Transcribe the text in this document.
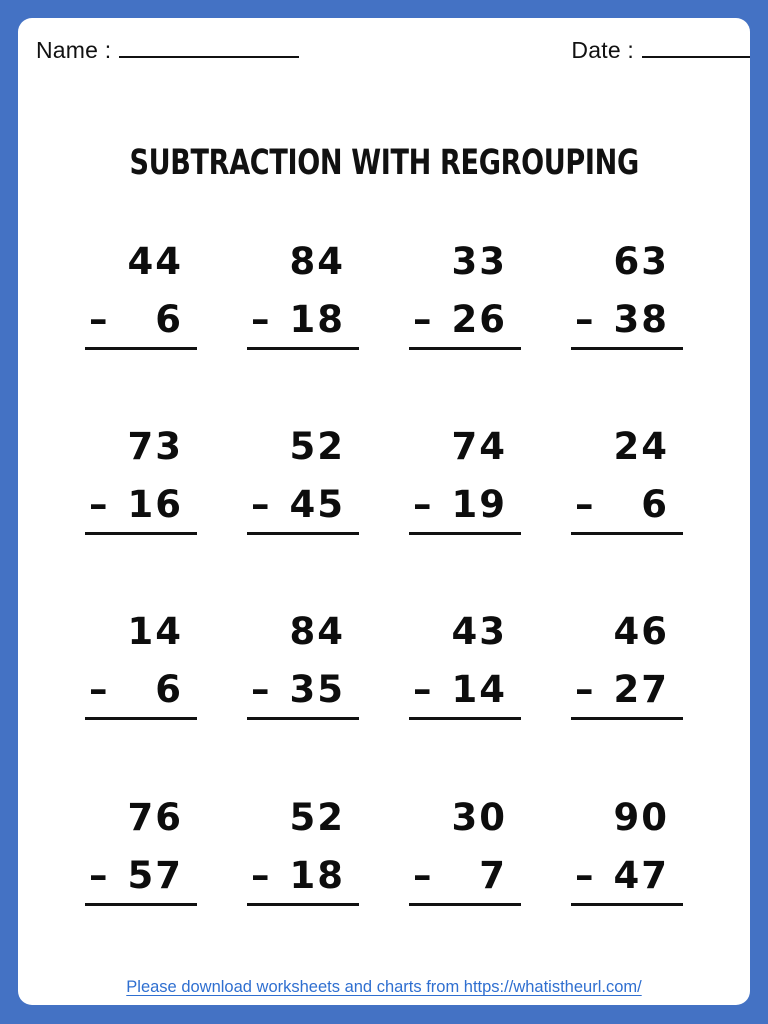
Name :	Date :
SUBTRACTION WITH REGROUPING
44
– 6
84
– 18
33
– 26
63
– 38
73
– 16
52
– 45
74
– 19
24
– 6
14
– 6
84
– 35
43
– 14
46
– 27
76
– 57
52
– 18
30
– 7
90
– 47
Please download worksheets and charts from https://whatistheurl.com/
